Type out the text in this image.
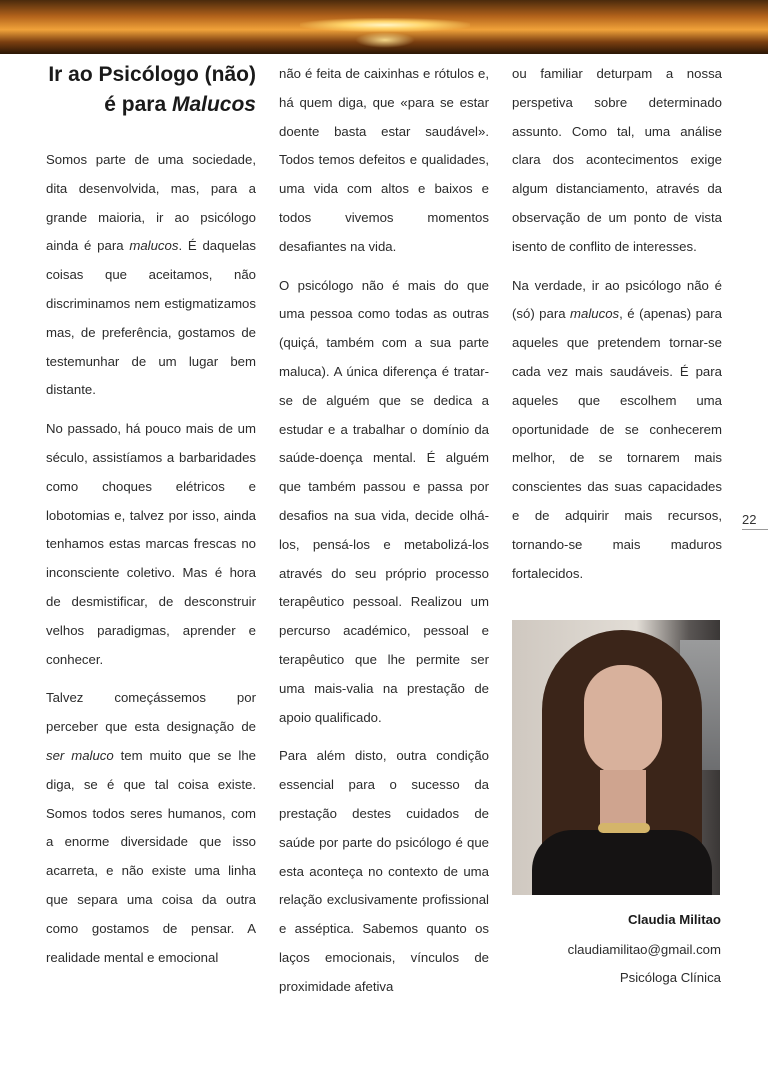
Ir ao Psicólogo (não) é para Malucos

Somos parte de uma sociedade, dita desenvolvida, mas, para a grande maioria, ir ao psicólogo ainda é para malucos. É daquelas coisas que aceitamos, não discriminamos nem estigmatizamos mas, de preferência, gostamos de testemunhar de um lugar bem distante.

No passado, há pouco mais de um século, assistíamos a barbaridades como choques elétricos e lobotomias e, talvez por isso, ainda tenhamos estas marcas frescas no inconsciente coletivo. Mas é hora de desmistificar, de desconstruir velhos paradigmas, aprender e conhecer.

Talvez começássemos por perceber que esta designação de ser maluco tem muito que se lhe diga, se é que tal coisa existe. Somos todos seres humanos, com a enorme diversidade que isso acarreta, e não existe uma linha que separa uma coisa da outra como gostamos de pensar. A realidade mental e emocional

não é feita de caixinhas e rótulos e, há quem diga, que «para se estar doente basta estar saudável». Todos temos defeitos e qualidades, uma vida com altos e baixos e todos vivemos momentos desafiantes na vida.

O psicólogo não é mais do que uma pessoa como todas as outras (quiçá, também com a sua parte maluca). A única diferença é tratar-se de alguém que se dedica a estudar e a trabalhar o domínio da saúde-doença mental. É alguém que também passou e passa por desafios na sua vida, decide olhá-los, pensá-los e metabolizá-los através do seu próprio processo terapêutico pessoal. Realizou um percurso académico, pessoal e terapêutico que lhe permite ser uma mais-valia na prestação de apoio qualificado.

Para além disto, outra condição essencial para o sucesso da prestação destes cuidados de saúde por parte do psicólogo é que esta aconteça no contexto de uma relação exclusivamente profissional e asséptica. Sabemos quanto os laços emocionais, vínculos de proximidade afetiva

ou familiar deturpam a nossa perspetiva sobre determinado assunto. Como tal, uma análise clara dos acontecimentos exige algum distanciamento, através da observação de um ponto de vista isento de conflito de interesses.

Na verdade, ir ao psicólogo não é (só) para malucos, é (apenas) para aqueles que pretendem tornar-se cada vez mais saudáveis. É para aqueles que escolhem uma oportunidade de se conhecerem melhor, de se tornarem mais conscientes das suas capacidades e de adquirir mais recursos, tornando-se mais maduros fortalecidos.

22
Claudia Militao
claudiamilitao@gmail.com
Psicóloga Clínica
